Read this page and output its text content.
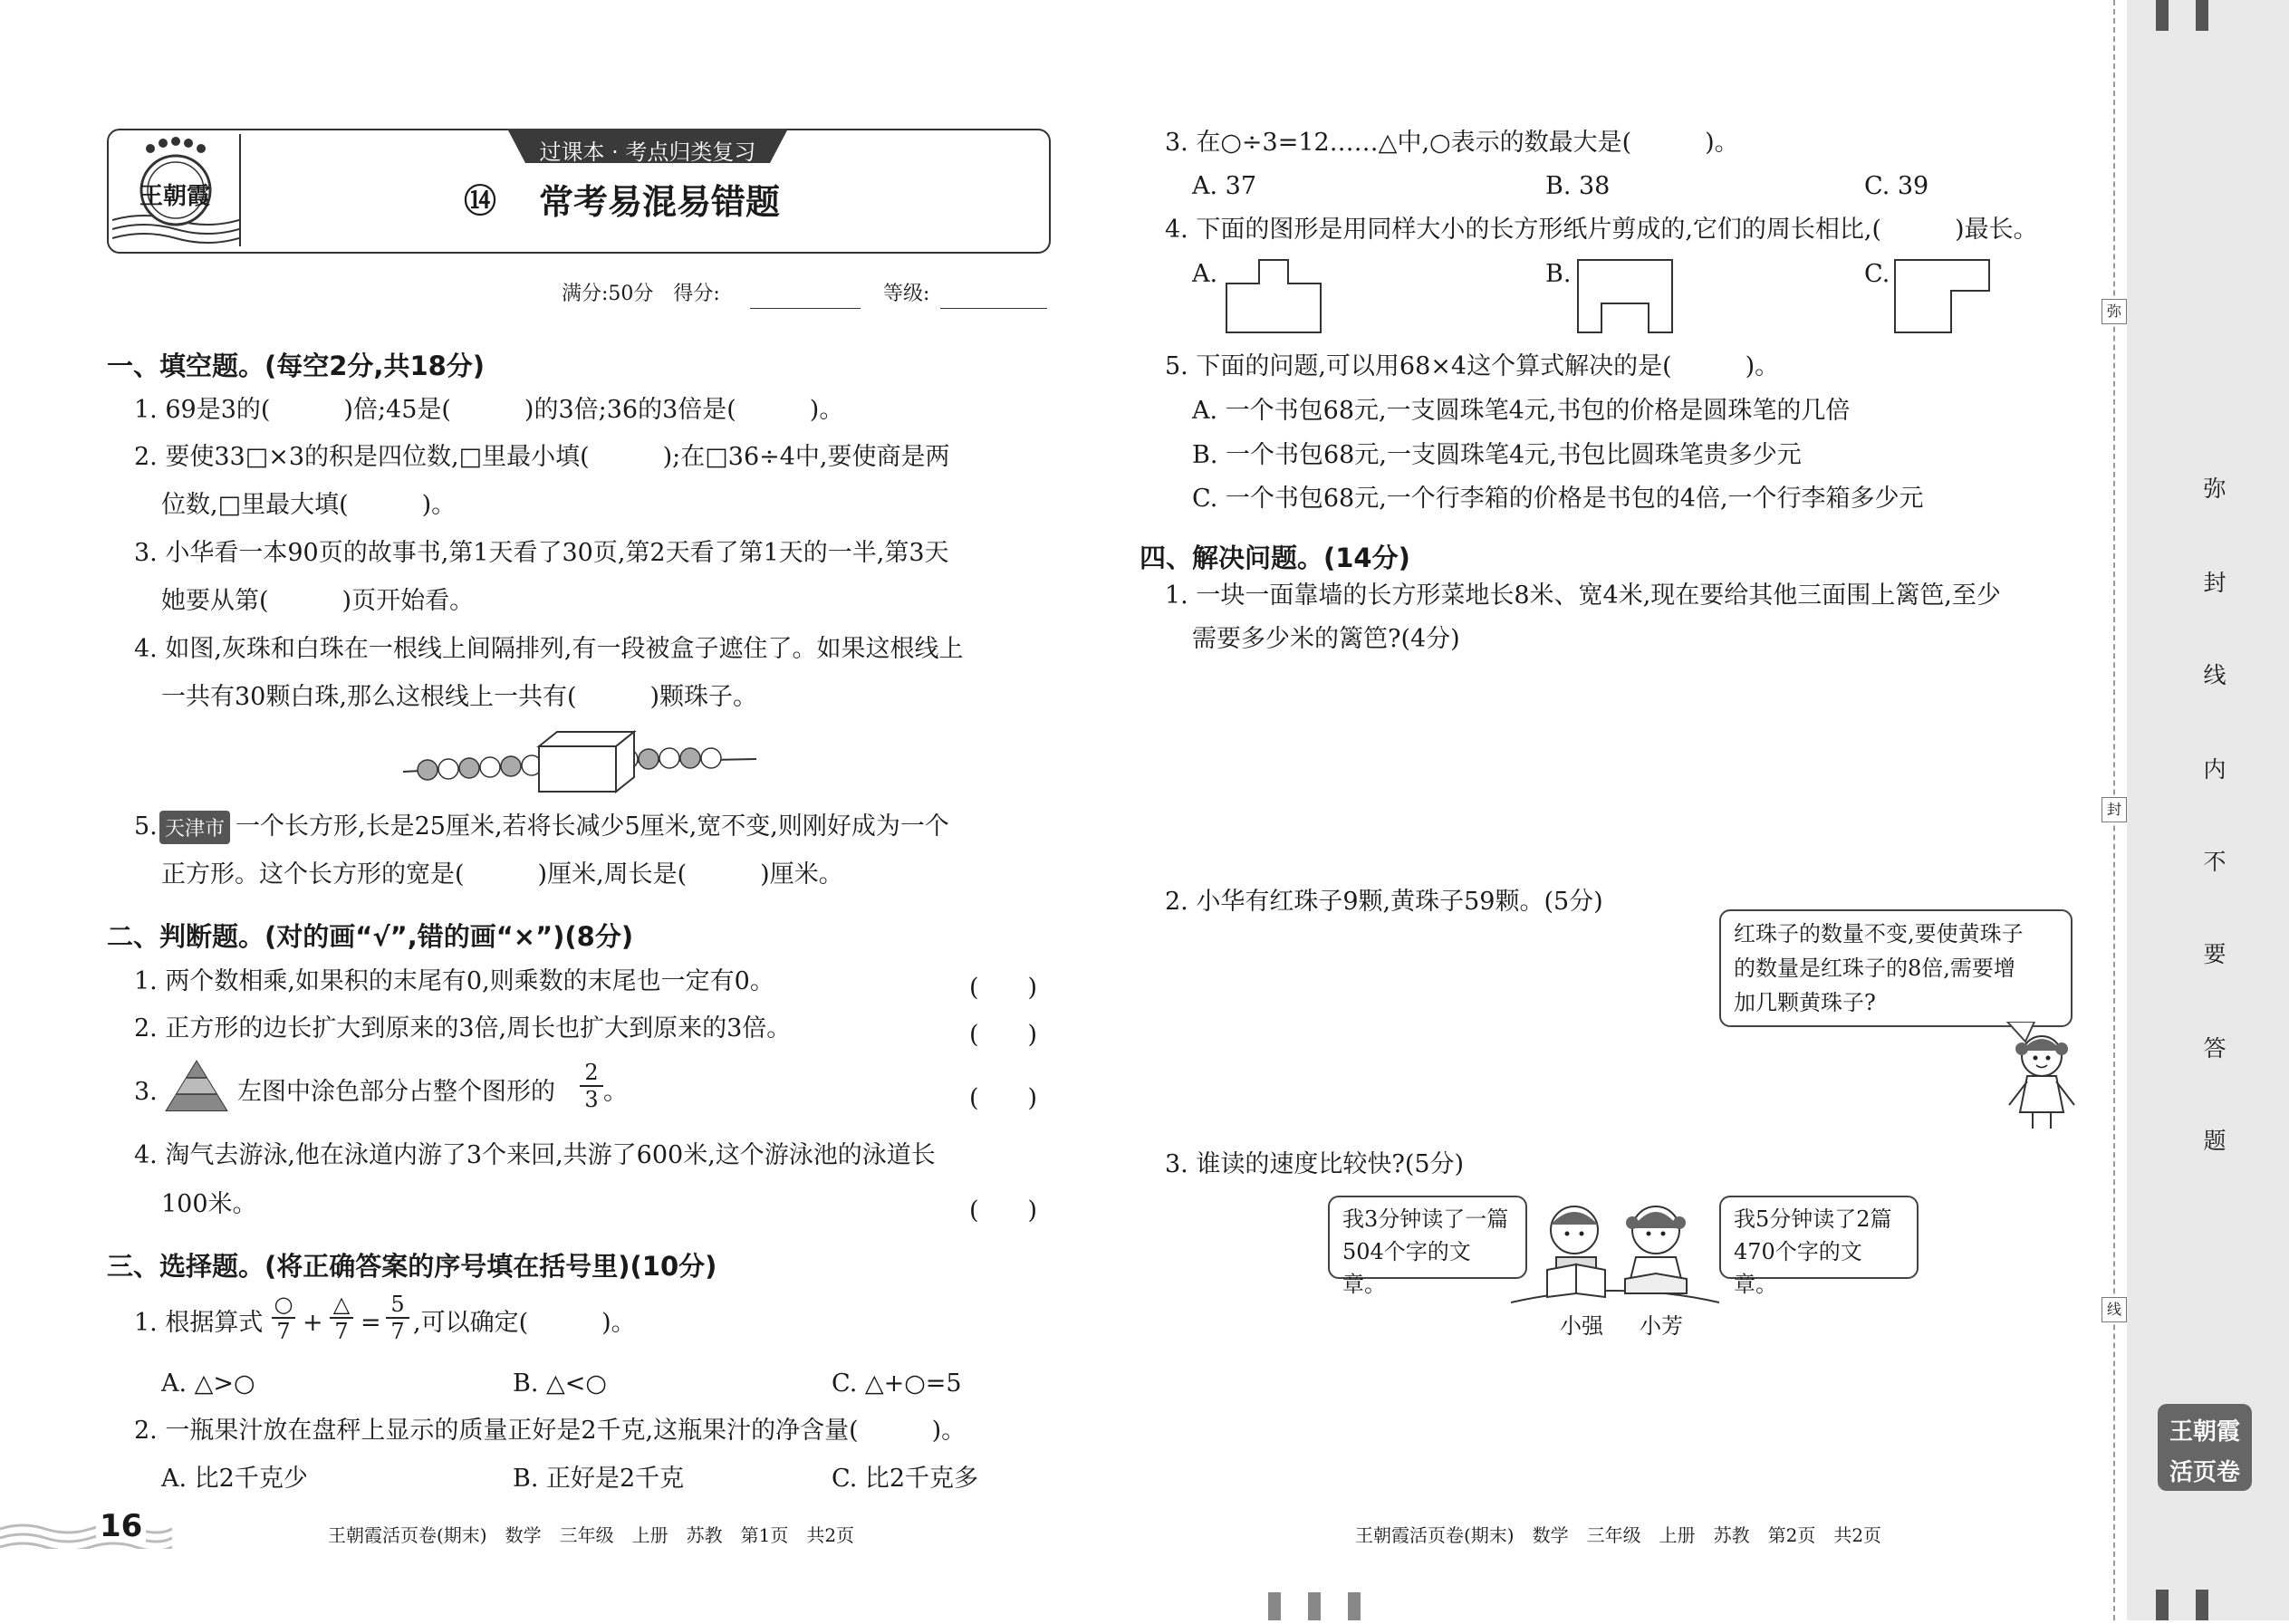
王朝霞
过课本 · 考点归类复习
⑭ 常考易混易错题
满分:50分　得分:	等级:
一、填空题。(每空2分,共18分)
1. 69是3的(　　　)倍;45是(　　　)的3倍;36的3倍是(　　　)。
2. 要使33□×3的积是四位数,□里最小填(　　　);在□36÷4中,要使商是两
位数,□里最大填(　　　)。
3. 小华看一本90页的故事书,第1天看了30页,第2天看了第1天的一半,第3天
她要从第(　　　)页开始看。
4. 如图,灰珠和白珠在一根线上间隔排列,有一段被盒子遮住了。如果这根线上
一共有30颗白珠,那么这根线上一共有(　　　)颗珠子。
5. 天津市 一个长方形,长是25厘米,若将长减少5厘米,宽不变,则刚好成为一个
正方形。这个长方形的宽是(　　　)厘米,周长是(　　　)厘米。
二、判断题。(对的画“√”,错的画“×”)(8分)
1. 两个数相乘,如果积的末尾有0,则乘数的末尾也一定有0。	(　　)
2. 正方形的边长扩大到原来的3倍,周长也扩大到原来的3倍。	(　　)
3.	左图中涂色部分占整个图形的
2
3 。	(　　)
4. 淘气去游泳,他在泳道内游了3个来回,共游了600米,这个游泳池的泳道长
100米。	(　　)
三、选择题。(将正确答案的序号填在括号里)(10分)
1. 根据算式
○
7 +
△
7 =
5
7 ,可以确定(　　　)。
A. △>○	B. △<○	C. △+○=5
2. 一瓶果汁放在盘秤上显示的质量正好是2千克,这瓶果汁的净含量(　　　)。
A. 比2千克少	B. 正好是2千克	C. 比2千克多
16	王朝霞活页卷(期末)　数学　三年级　上册　苏教　第1页　共2页
3. 在○÷3=12……△中,○表示的数最大是(　　　)。
A. 37	B. 38	C. 39
4. 下面的图形是用同样大小的长方形纸片剪成的,它们的周长相比,(　　　)最长。
A.	B.	C.
5. 下面的问题,可以用68×4这个算式解决的是(　　　)。
A. 一个书包68元,一支圆珠笔4元,书包的价格是圆珠笔的几倍
B. 一个书包68元,一支圆珠笔4元,书包比圆珠笔贵多少元
C. 一个书包68元,一个行李箱的价格是书包的4倍,一个行李箱多少元
四、解决问题。(14分)
1. 一块一面靠墙的长方形菜地长8米、宽4米,现在要给其他三面围上篱笆,至少
需要多少米的篱笆?(4分)
2. 小华有红珠子9颗,黄珠子59颗。(5分)
红珠子的数量不变,要使黄珠子
的数量是红珠子的8倍,需要增
加几颗黄珠子?
3. 谁读的速度比较快?(5分)
我3分钟读了一篇
504个字的文章。
我5分钟读了2篇
470个字的文章。
小强 小芳
王朝霞活页卷(期末)　数学　三年级　上册　苏教　第2页　共2页
弥
封
线
弥
封
线
内
不
要
答
题
王朝霞
活页卷
